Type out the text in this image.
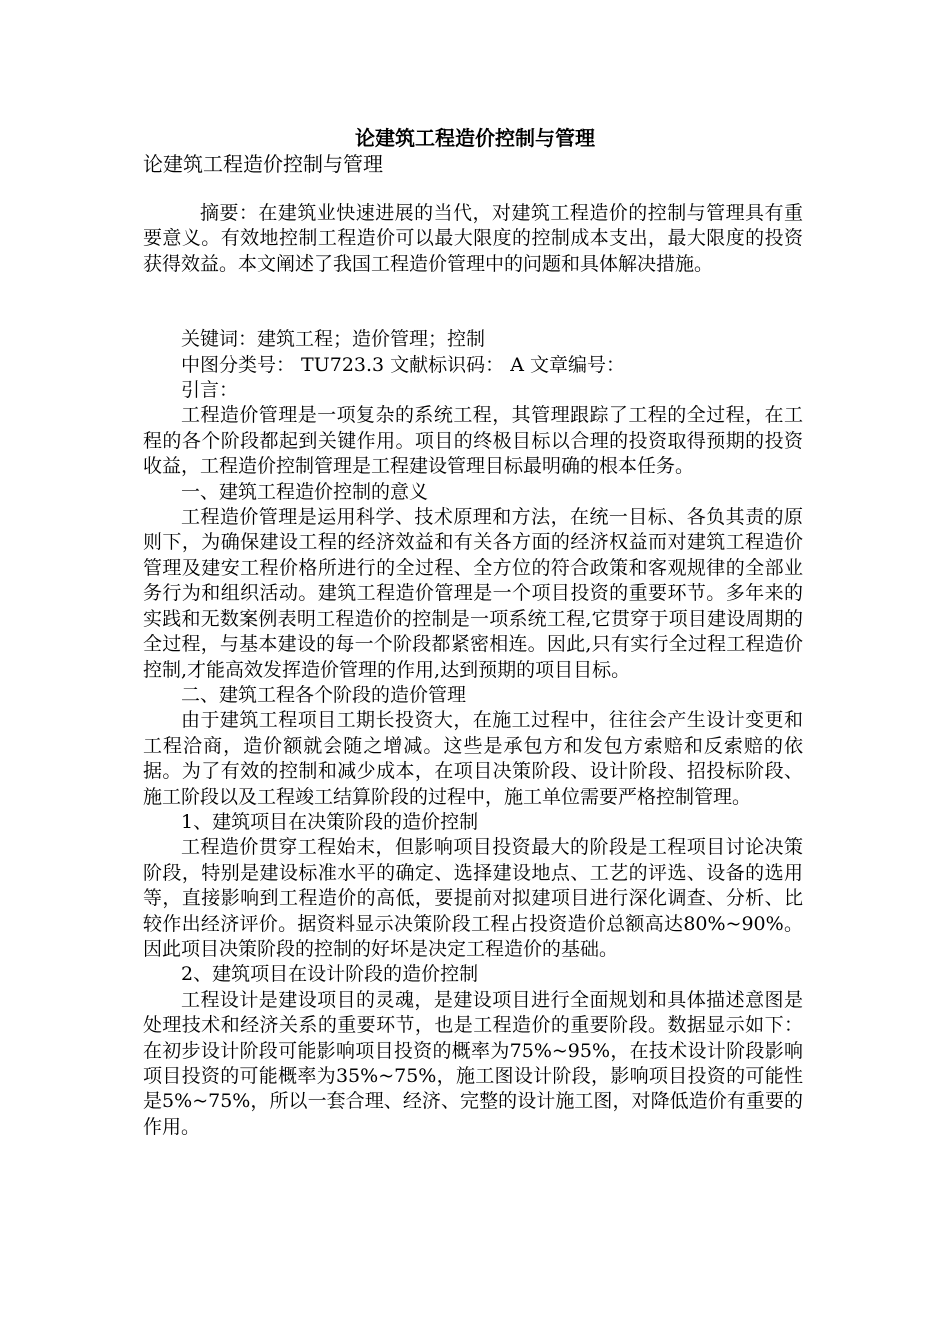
论建筑工程造价控制与管理
论建筑工程造价控制与管理

摘要：在建筑业快速进展的当代，对建筑工程造价的控制与管理具有重要意义。有效地控制工程造价可以最大限度的控制成本支出，最大限度的投资获得效益。本文阐述了我国工程造价管理中的问题和具体解决措施。

关键词：建筑工程；造价管理；控制

中图分类号： TU723.3 文献标识码： A 文章编号：

引言：

工程造价管理是一项复杂的系统工程，其管理跟踪了工程的全过程，在工程的各个阶段都起到关键作用。项目的终极目标以合理的投资取得预期的投资收益，工程造价控制管理是工程建设管理目标最明确的根本任务。

一、建筑工程造价控制的意义

工程造价管理是运用科学、技术原理和方法，在统一目标、各负其责的原则下，为确保建设工程的经济效益和有关各方面的经济权益而对建筑工程造价管理及建安工程价格所进行的全过程、全方位的符合政策和客观规律的全部业务行为和组织活动。建筑工程造价管理是一个项目投资的重要环节。多年来的实践和无数案例表明工程造价的控制是一项系统工程,它贯穿于项目建设周期的全过程，与基本建设的每一个阶段都紧密相连。因此,只有实行全过程工程造价控制,才能高效发挥造价管理的作用,达到预期的项目目标。

二、建筑工程各个阶段的造价管理

由于建筑工程项目工期长投资大，在施工过程中，往往会产生设计变更和工程洽商，造价额就会随之增减。这些是承包方和发包方索赔和反索赔的依据。为了有效的控制和减少成本，在项目决策阶段、设计阶段、招投标阶段、施工阶段以及工程竣工结算阶段的过程中，施工单位需要严格控制管理。

1、建筑项目在决策阶段的造价控制

工程造价贯穿工程始末，但影响项目投资最大的阶段是工程项目讨论决策阶段，特别是建设标准水平的确定、选择建设地点、工艺的评选、设备的选用等，直接影响到工程造价的高低，要提前对拟建项目进行深化调查、分析、比较作出经济评价。据资料显示决策阶段工程占投资造价总额高达80%~90%。因此项目决策阶段的控制的好坏是决定工程造价的基础。

2、建筑项目在设计阶段的造价控制

工程设计是建设项目的灵魂，是建设项目进行全面规划和具体描述意图是处理技术和经济关系的重要环节，也是工程造价的重要阶段。数据显示如下：在初步设计阶段可能影响项目投资的概率为75%~95%，在技术设计阶段影响项目投资的可能概率为35%~75%，施工图设计阶段，影响项目投资的可能性是5%~75%，所以一套合理、经济、完整的设计施工图，对降低造价有重要的作用。
